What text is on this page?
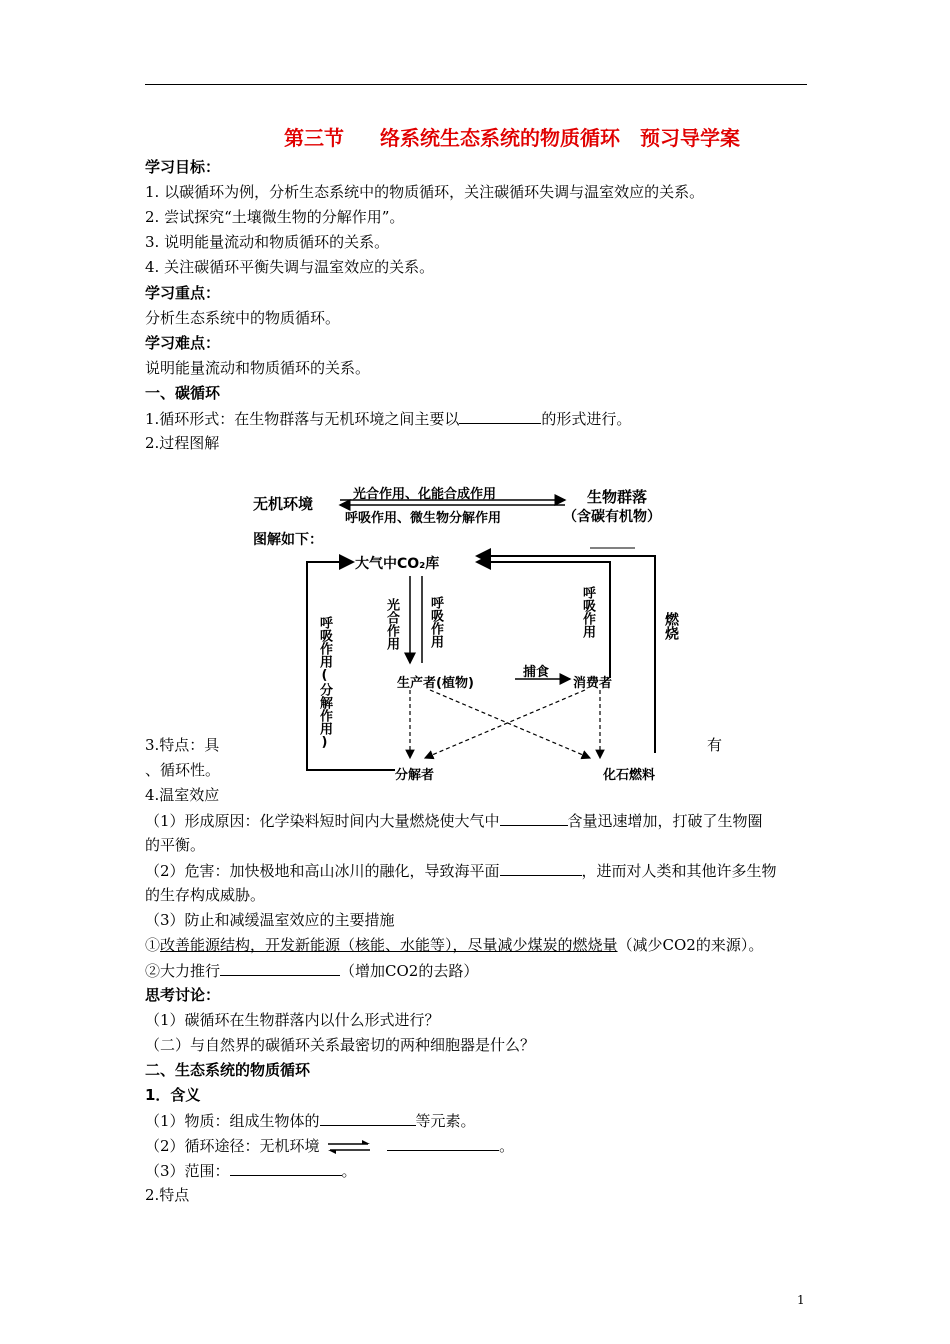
第三节 络系统生态系统的物质循环 预习导学案
学习目标：
1. 以碳循环为例，分析生态系统中的物质循环，关注碳循环失调与温室效应的关系。
2. 尝试探究“土壤微生物的分解作用”。
3. 说明能量流动和物质循环的关系。
4. 关注碳循环平衡失调与温室效应的关系。
学习重点：
分析生态系统中的物质循环。
学习难点：
说明能量流动和物质循环的关系。
一、碳循环
1.循环形式：在生物群落与无机环境之间主要以	的形式进行。
2.过程图解
无机环境
光合作用、化能合成作用
呼吸作用、微生物分解作用
生物群落
（含碳有机物）
图解如下：
大气中CO₂库
光合作用 呼吸作用	呼吸作用	燃烧
呼吸作用(分解作用)	生产者(植物)
捕食
消费者
分解者	化石燃料
3.特点：具	有
、循环性。
4.温室效应
（1）形成原因：化学染料短时间内大量燃烧使大气中	含量迅速增加，打破了生物圈
的平衡。
（2）危害：加快极地和高山冰川的融化，导致海平面	，进而对人类和其他许多生物
的生存构成威胁。
（3）防止和减缓温室效应的主要措施
①改善能源结构，开发新能源（核能、水能等），尽量减少煤炭的燃烧量（减少CO2的来源）。
②大力推行	（增加CO2的去路）
思考讨论：
（1）碳循环在生物群落内以什么形式进行？
（二）与自然界的碳循环关系最密切的两种细胞器是什么？
二、生态系统的物质循环
1．含义
（1）物质：组成生物体的	等元素。
（2）循环途径：无机环境	。
（3）范围：	。
2.特点
1
